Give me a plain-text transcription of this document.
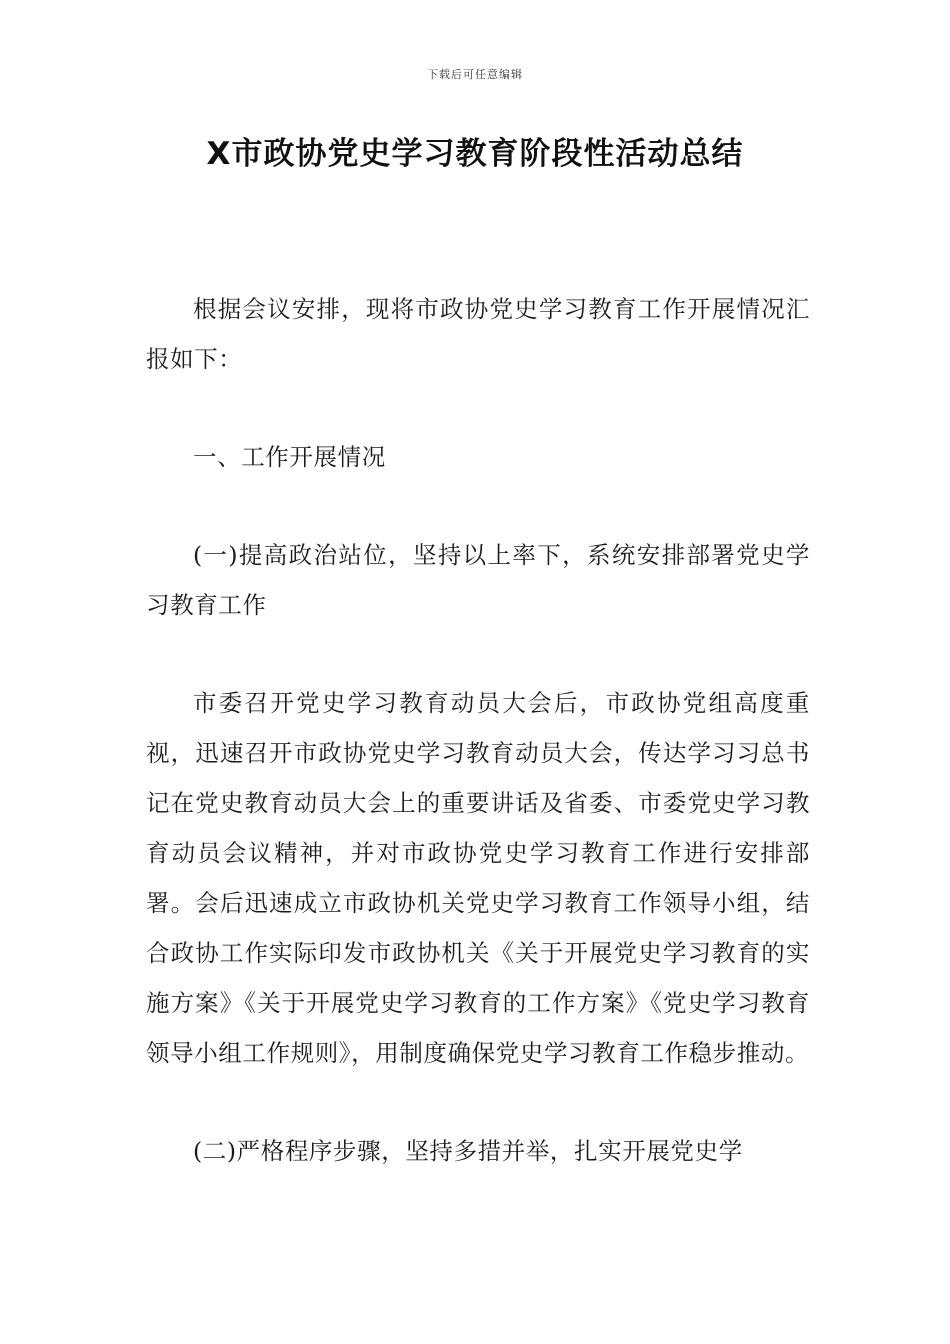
下载后可任意编辑
X市政协党史学习教育阶段性活动总结

根据会议安排，现将市政协党史学习教育工作开展情况汇报如下：

一、工作开展情况

(一)提高政治站位，坚持以上率下，系统安排部署党史学习教育工作

市委召开党史学习教育动员大会后，市政协党组高度重视，迅速召开市政协党史学习教育动员大会，传达学习习总书记在党史教育动员大会上的重要讲话及省委、市委党史学习教育动员会议精神，并对市政协党史学习教育工作进行安排部署。会后迅速成立市政协机关党史学习教育工作领导小组，结合政协工作实际印发市政协机关《关于开展党史学习教育的实施方案》《关于开展党史学习教育的工作方案》《党史学习教育领导小组工作规则》，用制度确保党史学习教育工作稳步推动。

(二)严格程序步骤，坚持多措并举，扎实开展党史学
